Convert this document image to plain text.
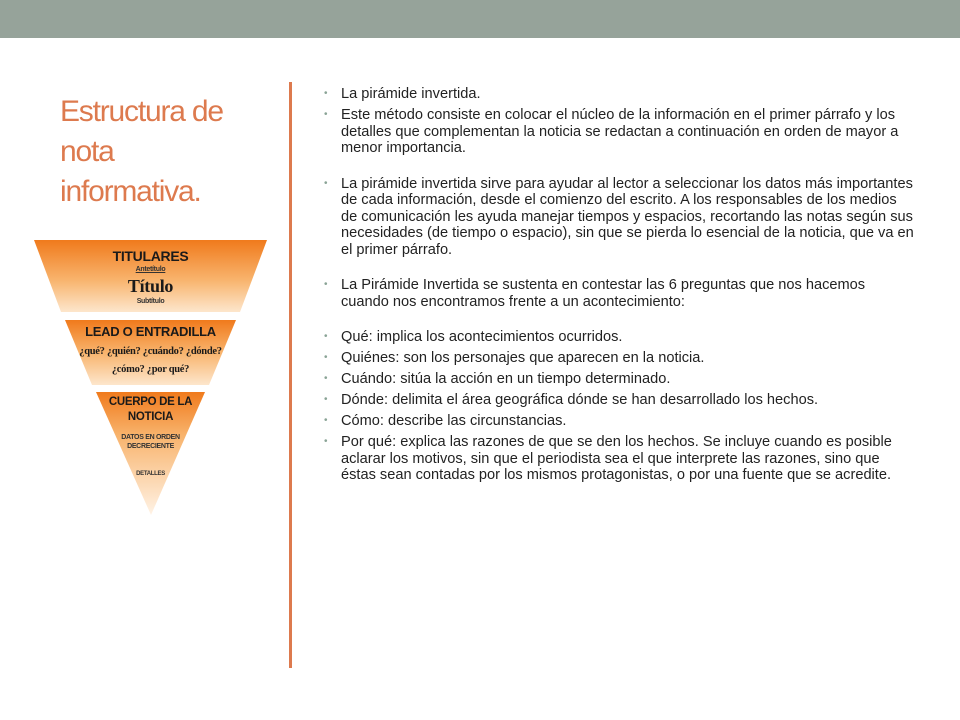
Estructura de nota informativa.
TITULARES
Antetítulo
Título
Subtítulo
LEAD O ENTRADILLA
¿qué? ¿quién? ¿cuándo? ¿dónde?
¿cómo? ¿por qué?
CUERPO DE LA
NOTICIA
DATOS EN ORDEN
DECRECIENTE
DETALLES
• La pirámide invertida.
• Este método consiste en colocar el núcleo de la información en el primer párrafo y los detalles que complementan la noticia se redactan a continuación en orden de mayor a menor importancia.
• La pirámide invertida sirve para ayudar al lector a seleccionar los datos más importantes de cada información, desde el comienzo del escrito. A los responsables de los medios de comunicación les ayuda manejar tiempos y espacios, recortando las notas según sus necesidades (de tiempo o espacio), sin que se pierda lo esencial de la noticia, que va en el primer párrafo.
• La Pirámide Invertida se sustenta en contestar las 6 preguntas que nos hacemos cuando nos encontramos frente a un acontecimiento:
• Qué: implica los acontecimientos ocurridos.
• Quiénes: son los personajes que aparecen en la noticia.
• Cuándo: sitúa la acción en un tiempo determinado.
• Dónde: delimita el área geográfica dónde se han desarrollado los hechos.
• Cómo: describe las circunstancias.
• Por qué: explica las razones de que se den los hechos. Se incluye cuando es posible aclarar los motivos, sin que el periodista sea el que interprete las razones, sino que éstas sean contadas por los mismos protagonistas, o por una fuente que se acredite.
